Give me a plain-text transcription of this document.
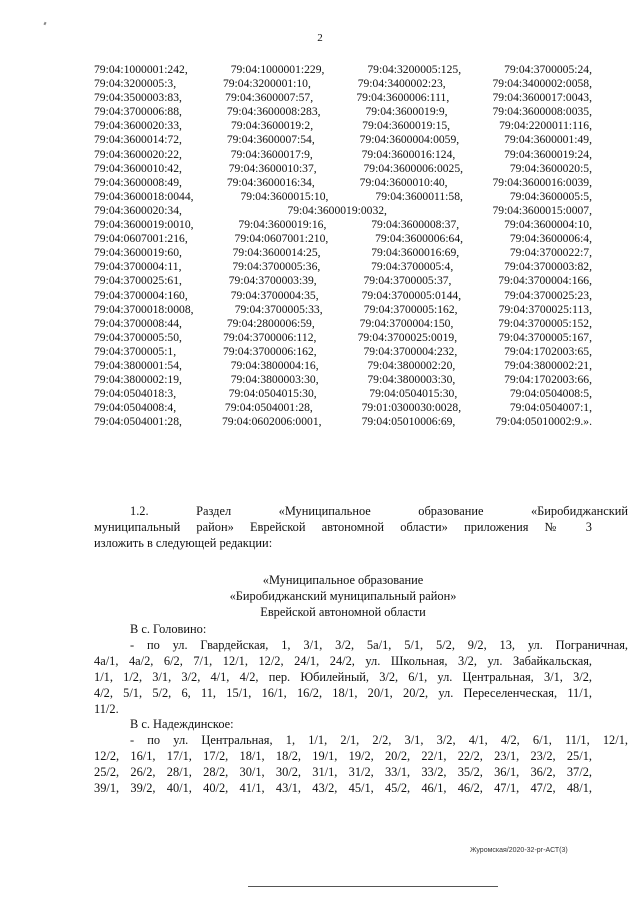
2
79:04:1000001:242, 79:04:1000001:229, 79:04:3200005:125, 79:04:3700005:24,
79:04:3200005:3, 79:04:3200001:10, 79:04:3400002:23, 79:04:3400002:0058,
79:04:3500003:83, 79:04:3600007:57, 79:04:3600006:111, 79:04:3600017:0043,
79:04:3700006:88, 79:04:3600008:283, 79:04:3600019:9, 79:04:3600008:0035,
79:04:3600020:33, 79:04:3600019:2, 79:04:3600019:15, 79:04:2200011:116,
79:04:3600014:72, 79:04:3600007:54, 79:04:3600004:0059, 79:04:3600001:49,
79:04:3600020:22, 79:04:3600017:9, 79:04:3600016:124, 79:04:3600019:24,
79:04:3600010:42, 79:04:3600010:37, 79:04:3600006:0025, 79:04:3600020:5,
79:04:3600008:49, 79:04:3600016:34, 79:04:3600010:40, 79:04:3600016:0039,
79:04:3600018:0044, 79:04:3600015:10, 79:04:3600011:58, 79:04:3600005:5,
79:04:3600020:34, 79:04:3600019:0032, 79:04:3600015:0007,
79:04:3600019:0010, 79:04:3600019:16, 79:04:3600008:37, 79:04:3600004:10,
79:04:0607001:216, 79:04:0607001:210, 79:04:3600006:64, 79:04:3600006:4,
79:04:3600019:60, 79:04:3600014:25, 79:04:3600016:69, 79:04:3700022:7,
79:04:3700004:11, 79:04:3700005:36, 79:04:3700005:4, 79:04:3700003:82,
79:04:3700025:61, 79:04:3700003:39, 79:04:3700005:37, 79:04:3700004:166,
79:04:3700004:160, 79:04:3700004:35, 79:04:3700005:0144, 79:04:3700025:23,
79:04:3700018:0008, 79:04:3700005:33, 79:04:3700005:162, 79:04:3700025:113,
79:04:3700008:44, 79:04:2800006:59, 79:04:3700004:150, 79:04:3700005:152,
79:04:3700005:50, 79:04:3700006:112, 79:04:3700025:0019, 79:04:3700005:167,
79:04:3700005:1, 79:04:3700006:162, 79:04:3700004:232, 79:04:1702003:65,
79:04:3800001:54, 79:04:3800004:16, 79:04:3800002:20, 79:04:3800002:21,
79:04:3800002:19, 79:04:3800003:30, 79:04:3800003:30, 79:04:1702003:66,
79:04:0504018:3, 79:04:0504015:30, 79:04:0504015:30, 79:04:0504008:5,
79:04:0504008:4, 79:04:0504001:28, 79:01:0300030:0028, 79:04:0504007:1,
79:04:0504001:28, 79:04:0602006:0001, 79:04:05010006:69, 79:04:05010002:9.».
1.2. Раздел «Муниципальное образование «Биробиджанский
муниципальный район» Еврейской автономной области» приложения № 3
изложить в следующей редакции:
«Муниципальное образование
«Биробиджанский муниципальный район»
Еврейской автономной области
В с. Головино:
- по ул. Гвардейская, 1, 3/1, 3/2, 5а/1, 5/1, 5/2, 9/2, 13, ул. Пограничная,
4а/1, 4а/2, 6/2, 7/1, 12/1, 12/2, 24/1, 24/2, ул. Школьная, 3/2, ул. Забайкальская,
1/1, 1/2, 3/1, 3/2, 4/1, 4/2, пер. Юбилейный, 3/2, 6/1, ул. Центральная, 3/1, 3/2,
4/2, 5/1, 5/2, 6, 11, 15/1, 16/1, 16/2, 18/1, 20/1, 20/2, ул. Переселенческая, 11/1,
11/2.
В с. Надеждинское:
- по ул. Центральная, 1, 1/1, 2/1, 2/2, 3/1, 3/2, 4/1, 4/2, 6/1, 11/1, 12/1,
12/2, 16/1, 17/1, 17/2, 18/1, 18/2, 19/1, 19/2, 20/2, 22/1, 22/2, 23/1, 23/2, 25/1,
25/2, 26/2, 28/1, 28/2, 30/1, 30/2, 31/1, 31/2, 33/1, 33/2, 35/2, 36/1, 36/2, 37/2,
39/1, 39/2, 40/1, 40/2, 41/1, 43/1, 43/2, 45/1, 45/2, 46/1, 46/2, 47/1, 47/2, 48/1,
Журомская/2020-32-рг-АСТ(3)
